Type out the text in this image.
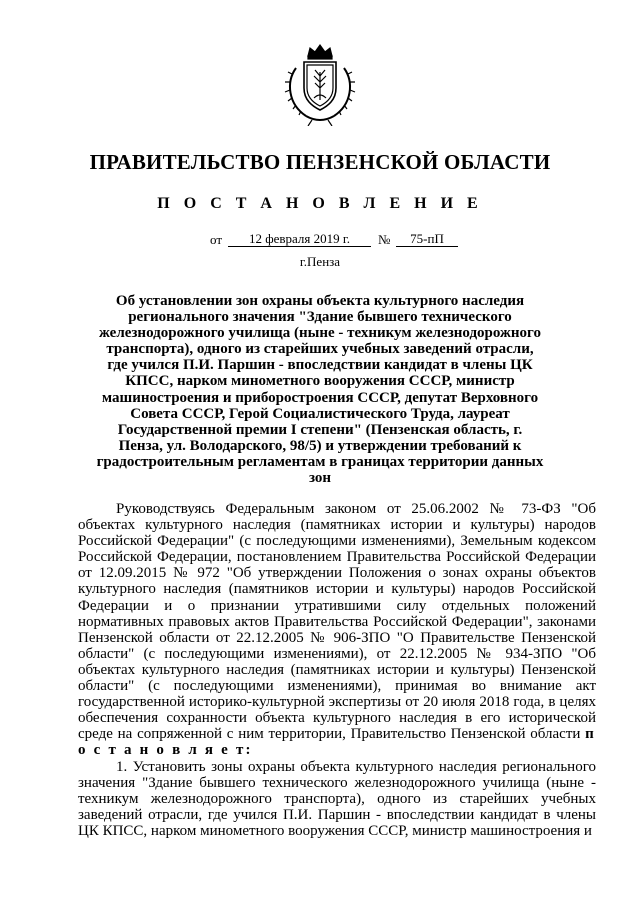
ПРАВИТЕЛЬСТВО ПЕНЗЕНСКОЙ ОБЛАСТИ
П О С Т А Н О В Л Е Н И Е
от	12 февраля 2019 г.	№	75-пП
г.Пенза
Об установлении зон охраны объекта культурного наследия регионального значения "Здание бывшего технического железнодорожного училища (ныне - техникум железнодорожного транспорта), одного из старейших учебных заведений отрасли, где учился П.И. Паршин - впоследствии кандидат в члены ЦК КПСС, нарком минометного вооружения СССР, министр машиностроения и приборостроения СССР, депутат Верховного Совета СССР, Герой Социалистического Труда, лауреат Государственной премии I степени" (Пензенская область, г. Пенза, ул. Володарского, 98/5) и утверждении требований к градостроительным регламентам в границах территории данных зон

Руководствуясь Федеральным законом от 25.06.2002 № 73-ФЗ "Об объектах культурного наследия (памятниках истории и культуры) народов Российской Федерации" (с последующими изменениями), Земельным кодексом Российской Федерации, постановлением Правительства Российской Федерации от 12.09.2015 № 972 "Об утверждении Положения о зонах охраны объектов культурного наследия (памятников истории и культуры) народов Российской Федерации и о признании утратившими силу отдельных положений нормативных правовых актов Правительства Российской Федерации", законами Пензенской области от 22.12.2005 № 906-ЗПО "О Правительстве Пензенской области" (с последующими изменениями), от 22.12.2005 № 934-ЗПО "Об объектах культурного наследия (памятниках истории и культуры) Пензенской области" (с последующими изменениями), принимая во внимание акт государственной историко-культурной экспертизы от 20 июля 2018 года, в целях обеспечения сохранности объекта культурного наследия в его исторической среде на сопряженной с ним территории, Правительство Пензенской области п о с т а н о в л я е т:

1. Установить зоны охраны объекта культурного наследия регионального значения "Здание бывшего технического железнодорожного училища (ныне - техникум железнодорожного транспорта), одного из старейших учебных заведений отрасли, где учился П.И. Паршин - впоследствии кандидат в члены ЦК КПСС, нарком минометного вооружения СССР, министр машиностроения и
